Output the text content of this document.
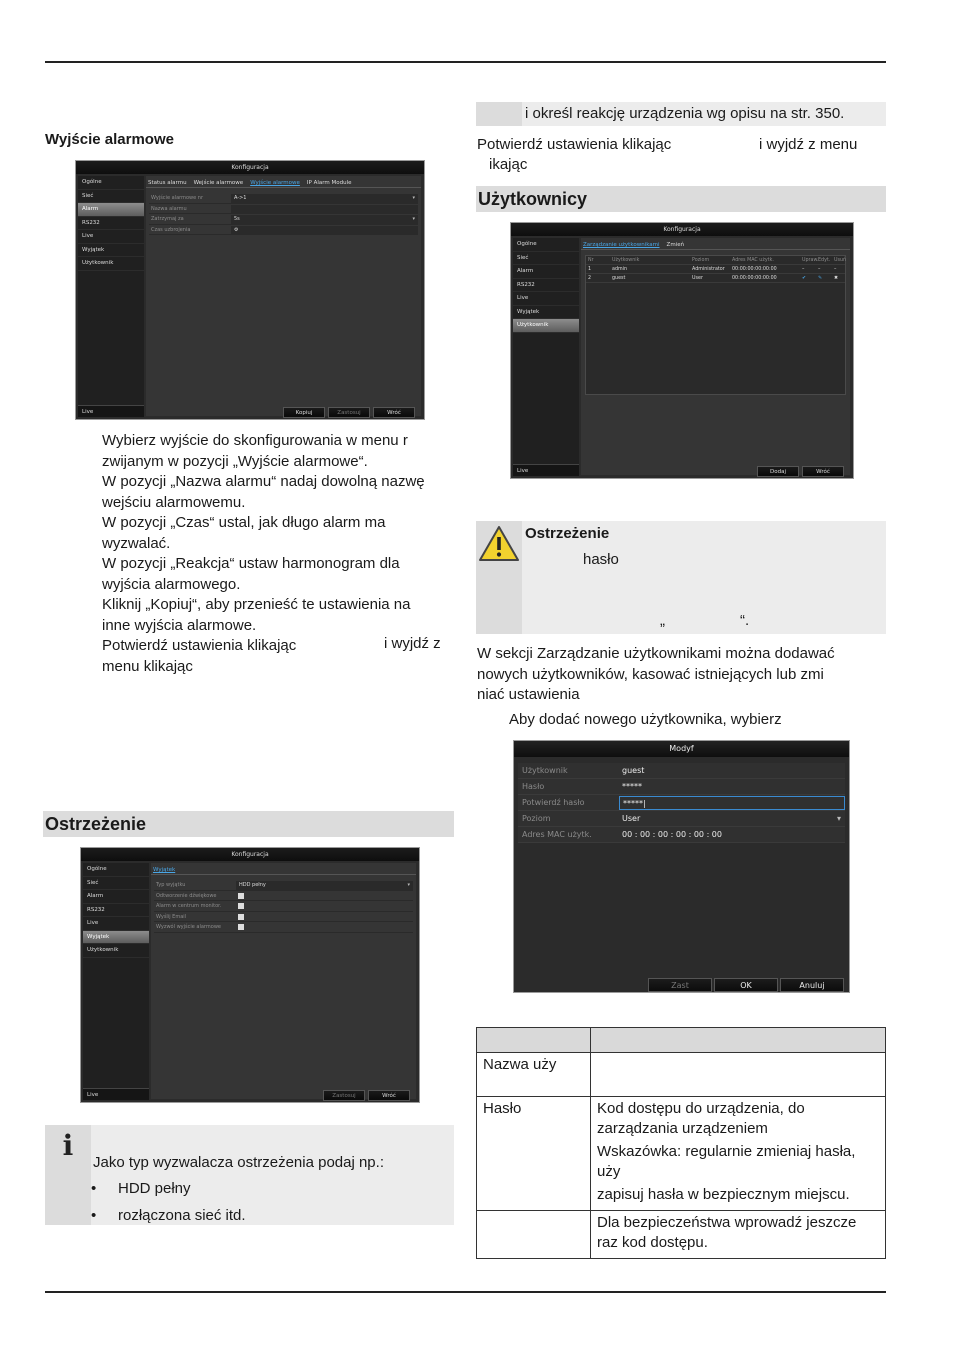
Wyjście alarmowe
Konfiguracja
Ogólne
Sieć
Alarm
RS232
Live
Wyjątek
Użytkownik
Live
Status alarmu Wejście alarmowe Wyjście alarmowe IP Alarm Module
Wyjście alarmowe nr	A->1	▾
Nazwa alarmu
Zatrzymaj za	5s	▾
Czas uzbrojenia	⚙
Kopiuj	Zastosuj	Wróć
Wybierz wyjście do skonfigurowania w menu r
zwijanym w pozycji „Wyjście alarmowe“.
W pozycji „Nazwa alarmu“ nadaj dowolną nazwę
wejściu alarmowemu.
W pozycji „Czas“ ustal, jak długo alarm ma
wyzwalać.
W pozycji „Reakcja“ ustaw harmonogram dla
wyjścia alarmowego.
Kliknij „Kopiuj“, aby przenieść te ustawienia na
inne wyjścia alarmowe.
Potwierdź ustawienia klikając
menu klikając
i wyjdź z
Ostrzeżenie
Konfiguracja
Ogólne
Sieć
Alarm
RS232
Live
Wyjątek
Użytkownik
Live
Wyjątek
Typ wyjątku	HDD pełny	▾
Odtworzenie dźwiękowe
Alarm w centrum monitor.
Wyślij Email
Wyzwól wyjście alarmowe
Zastosuj	Wróć
i
Jako typ wyzwalacza ostrzeżenia podaj np.:
• HDD pełny
• rozłączona sieć itd.
i określ reakcję urządzenia wg opisu na str. 350.
Potwierdź ustawienia klikając	i wyjdź z menu
ikając
Użytkownicy
Konfiguracja
Ogólne
Sieć
Alarm
RS232
Live
Wyjątek
Użytkownik
Live
Zarządzanie użytkownikami Zmień
Nr	Użytkownik	Poziom	Adres MAC użytk.	Upraw. Edyt. Usuń
1	admin	Administrator 00:00:00:00:00:00	–	–	–
2	guest	User	00:00:00:00:00:00	✔ ✎ ✖
Dodaj	Wróć
Ostrzeżenie
hasło
„                  “.
W sekcji Zarządzanie użytkownikami można dodawać
nowych użytkowników, kasować istniejących lub zmi
niać ustawienia
Aby dodać nowego użytkownika, wybierz
Modyf
Użytkownik	guest
Hasło	*****
Potwierdź hasło	*****|
Poziom	User	▾
Adres MAC użytk.	00 : 00 : 00 : 00 : 00 : 00
Zast	OK	Anuluj

Nazwa uży	

Hasło	Kod dostępu do urządzenia, do zarządzania urządzeniem

Wskazówka: regularnie zmieniaj hasła, uży

zapisuj hasła w bezpiecznym miejscu.

	Dla bezpieczeństwa wprowadź jeszcze raz kod dostępu.
